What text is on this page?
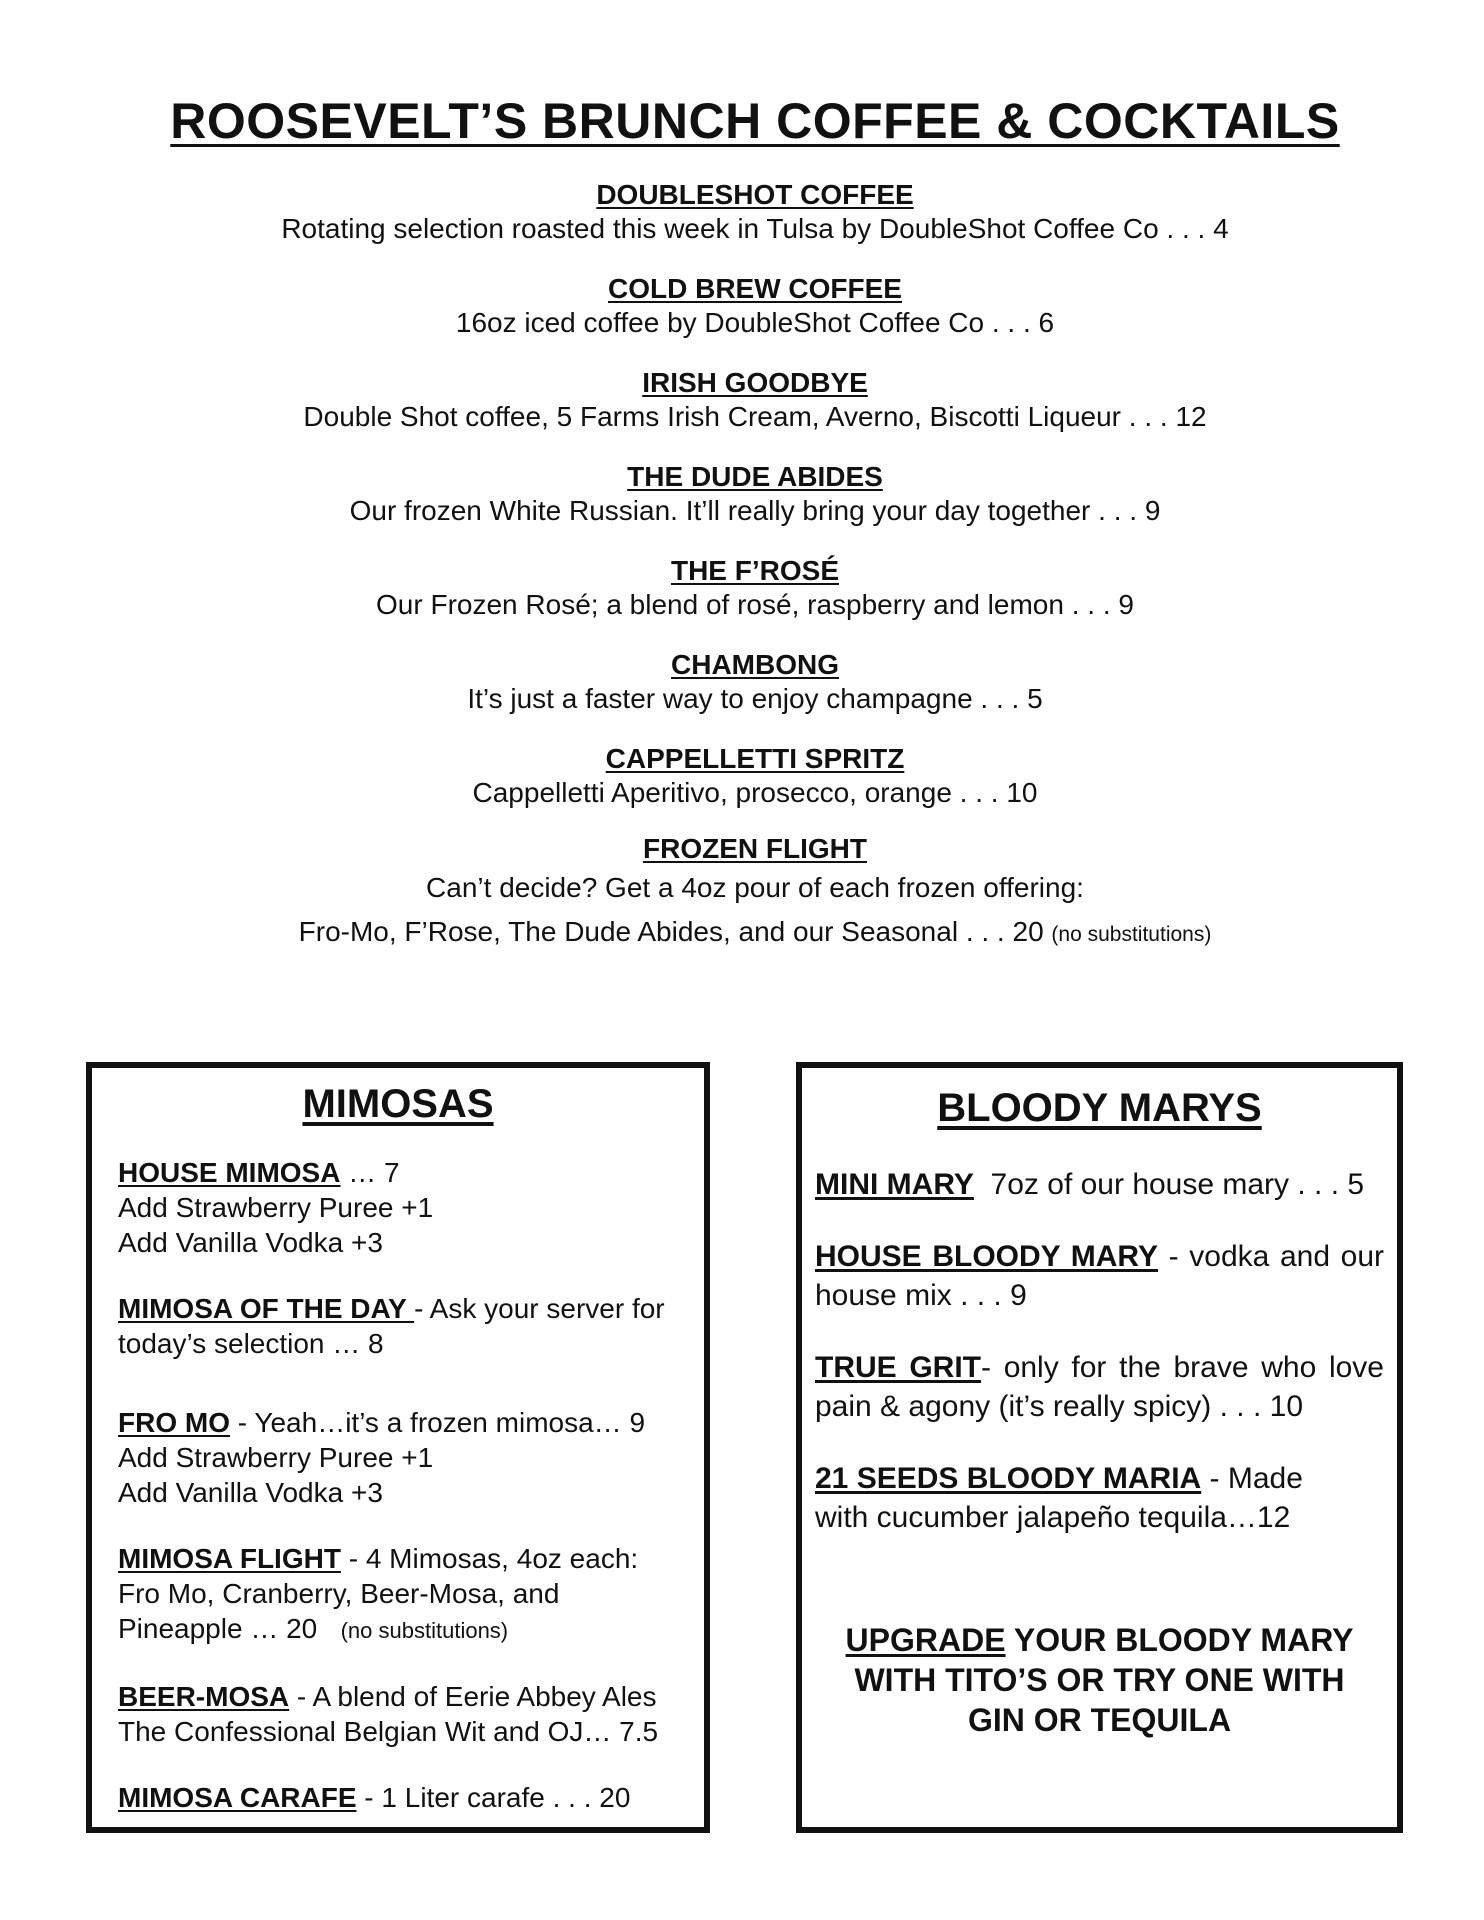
ROOSEVELT’S BRUNCH COFFEE & COCKTAILS
DOUBLESHOT COFFEE
Rotating selection roasted this week in Tulsa by DoubleShot Coffee Co . . . 4
COLD BREW COFFEE
16oz iced coffee by DoubleShot Coffee Co . . . 6
IRISH GOODBYE
Double Shot coffee, 5 Farms Irish Cream, Averno, Biscotti Liqueur . . . 12
THE DUDE ABIDES
Our frozen White Russian. It’ll really bring your day together . . . 9
THE F’ROSÉ
Our Frozen Rosé; a blend of rosé, raspberry and lemon . . . 9
CHAMBONG
It’s just a faster way to enjoy champagne . . . 5
CAPPELLETTI SPRITZ
Cappelletti Aperitivo, prosecco, orange . . . 10
FROZEN FLIGHT
Can’t decide? Get a 4oz pour of each frozen offering:
Fro-Mo, F’Rose, The Dude Abides, and our Seasonal . . . 20 (no substitutions)
MIMOSAS
HOUSE MIMOSA … 7
Add Strawberry Puree +1
Add Vanilla Vodka +3
MIMOSA OF THE DAY - Ask your server for
today’s selection … 8
FRO MO - Yeah…it’s a frozen mimosa… 9
Add Strawberry Puree +1
Add Vanilla Vodka +3
MIMOSA FLIGHT - 4 Mimosas, 4oz each:
Fro Mo, Cranberry, Beer-Mosa, and
Pineapple … 20 (no substitutions)
BEER-MOSA - A blend of Eerie Abbey Ales
The Confessional Belgian Wit and OJ… 7.5
MIMOSA CARAFE - 1 Liter carafe . . . 20
BLOODY MARYS
MINI MARY  7oz of our house mary . . . 5
HOUSE BLOODY MARY - vodka and our house mix . . . 9
TRUE GRIT- only for the brave who love pain & agony (it’s really spicy) . . . 10
21 SEEDS BLOODY MARIA - Made
with cucumber jalapeño tequila…12
UPGRADE YOUR BLOODY MARY
WITH TITO’S OR TRY ONE WITH
GIN OR TEQUILA
